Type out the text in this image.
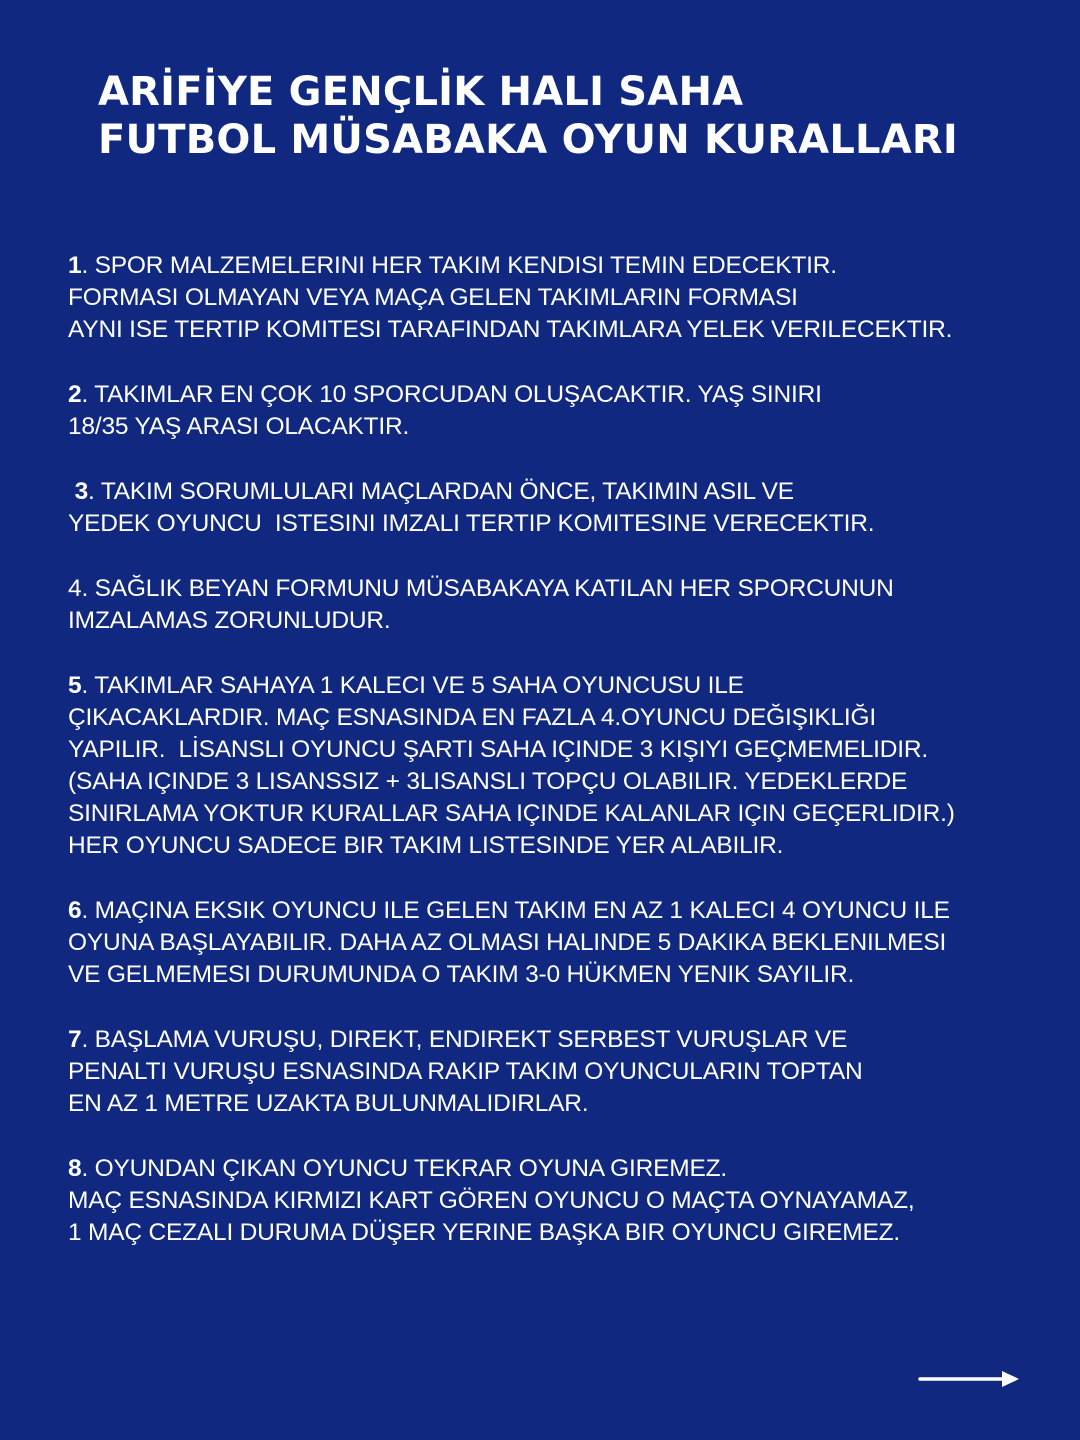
ARİFİYE GENÇLİK HALI SAHA
FUTBOL MÜSABAKA OYUN KURALLARI

1. SPOR MALZEMELERINI HER TAKIM KENDISI TEMIN EDECEKTIR.
FORMASI OLMAYAN VEYA MAÇA GELEN TAKIMLARIN FORMASI
AYNI ISE TERTIP KOMITESI TARAFINDAN TAKIMLARA YELEK VERILECEKTIR.

2. TAKIMLAR EN ÇOK 10 SPORCUDAN OLUŞACAKTIR. YAŞ SINIRI
18/35 YAŞ ARASI OLACAKTIR.

3. TAKIM SORUMLULARI MAÇLARDAN ÖNCE, TAKIMIN ASIL VE
YEDEK OYUNCU  ISTESINI IMZALI TERTIP KOMITESINE VERECEKTIR.

4. SAĞLIK BEYAN FORMUNU MÜSABAKAYA KATILAN HER SPORCUNUN
IMZALAMAS ZORUNLUDUR.

5. TAKIMLAR SAHAYA 1 KALECI VE 5 SAHA OYUNCUSU ILE
ÇIKACAKLARDIR. MAÇ ESNASINDA EN FAZLA 4.OYUNCU DEĞIŞIKLIĞI
YAPILIR.  LİSANSLI OYUNCU ŞARTI SAHA IÇINDE 3 KIŞIYI GEÇMEMELIDIR.
(SAHA IÇINDE 3 LISANSSIZ + 3LISANSLI TOPÇU OLABILIR. YEDEKLERDE
SINIRLAMA YOKTUR KURALLAR SAHA IÇINDE KALANLAR IÇIN GEÇERLIDIR.)
HER OYUNCU SADECE BIR TAKIM LISTESINDE YER ALABILIR.

6. MAÇINA EKSIK OYUNCU ILE GELEN TAKIM EN AZ 1 KALECI 4 OYUNCU ILE
OYUNA BAŞLAYABILIR. DAHA AZ OLMASI HALINDE 5 DAKIKA BEKLENILMESI
VE GELMEMESI DURUMUNDA O TAKIM 3-0 HÜKMEN YENIK SAYILIR.

7. BAŞLAMA VURUŞU, DIREKT, ENDIREKT SERBEST VURUŞLAR VE
PENALTI VURUŞU ESNASINDA RAKIP TAKIM OYUNCULARIN TOPTAN
EN AZ 1 METRE UZAKTA BULUNMALIDIRLAR.

8. OYUNDAN ÇIKAN OYUNCU TEKRAR OYUNA GIREMEZ.
MAÇ ESNASINDA KIRMIZI KART GÖREN OYUNCU O MAÇTA OYNAYAMAZ,
1 MAÇ CEZALI DURUMA DÜŞER YERINE BAŞKA BIR OYUNCU GIREMEZ.
